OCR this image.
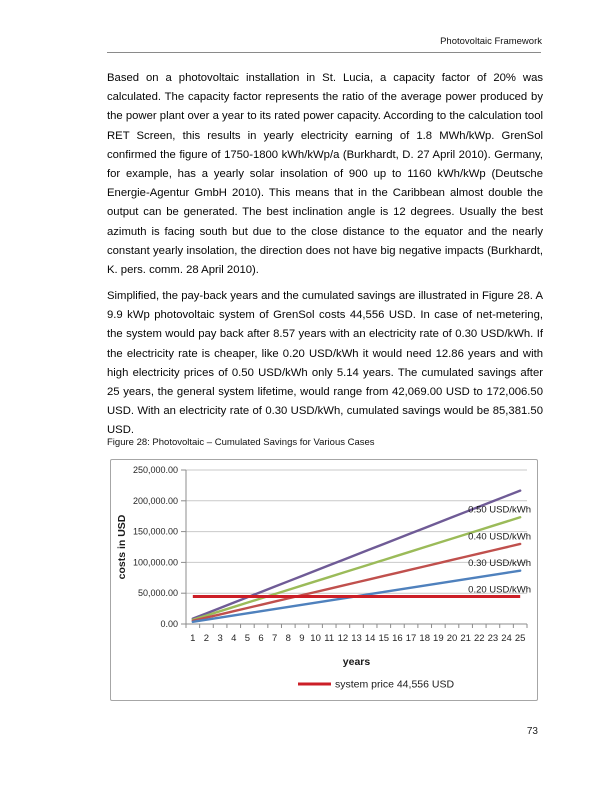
Photovoltaic Framework

Based on a photovoltaic installation in St. Lucia, a capacity factor of 20% was calculated. The capacity factor represents the ratio of the average power produced by the power plant over a year to its rated power capacity. According to the calculation tool RET Screen, this results in yearly electricity earning of 1.8 MWh/kWp. GrenSol confirmed the figure of 1750-1800 kWh/kWp/a (Burkhardt, D. 27 April 2010). Germany, for example, has a yearly solar insolation of 900 up to 1160 kWh/kWp (Deutsche Energie-Agentur GmbH 2010). This means that in the Caribbean almost double the output can be generated. The best inclination angle is 12 degrees. Usually the best azimuth is facing south but due to the close distance to the equator and the nearly constant yearly insolation, the direction does not have big negative impacts (Burkhardt, K. pers. comm. 28 April 2010).

Simplified, the pay-back years and the cumulated savings are illustrated in Figure 28. A 9.9 kWp photovoltaic system of GrenSol costs 44,556 USD. In case of net-metering, the system would pay back after 8.57 years with an electricity rate of 0.30 USD/kWh. If the electricity rate is cheaper, like 0.20 USD/kWh it would need 12.86 years and with high electricity prices of 0.50 USD/kWh only 5.14 years. The cumulated savings after 25 years, the general system lifetime, would range from 42,069.00 USD to 172,006.50 USD. With an electricity rate of 0.30 USD/kWh, cumulated savings would be 85,381.50 USD.

Figure 28: Photovoltaic – Cumulated Savings for Various Cases
0.00
50,000.00
100,000.00
150,000.00
200,000.00
250,000.00
1 2 3 4 5 6 7 8 9 10 11 12 13 14 15 16 17 18 19 20 21 22 23 24 25
0.50 USD/kWh
0.40 USD/kWh
0.30 USD/kWh
0.20 USD/kWh
costs in USD
years
system price 44,556 USD
73
